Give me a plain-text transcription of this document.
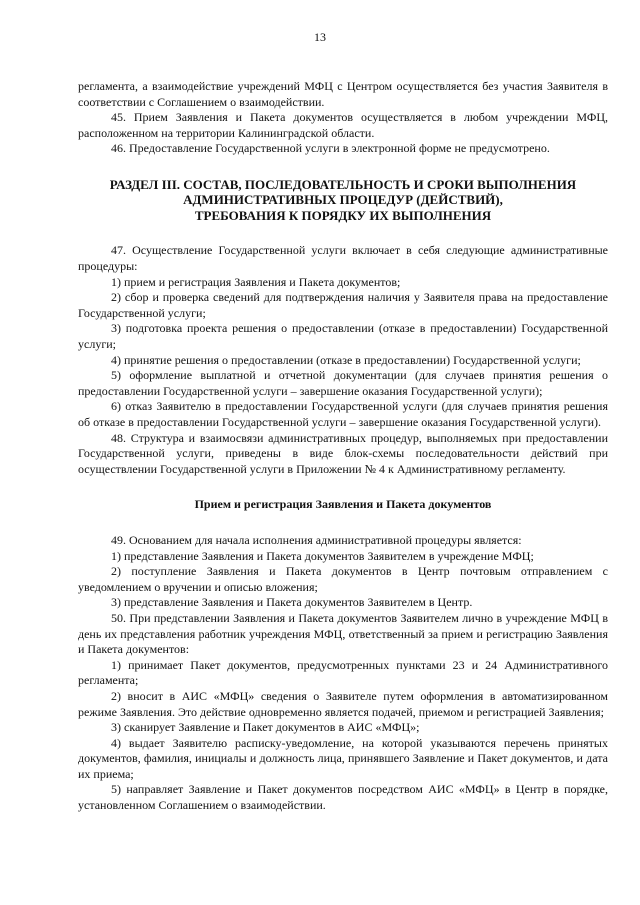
13

регламента, а взаимодействие учреждений МФЦ с Центром осуществляется без участия Заявителя в соответствии с Соглашением о взаимодействии.

45. Прием Заявления и Пакета документов осуществляется в любом учреждении МФЦ, расположенном на территории Калининградской области.

46. Предоставление Государственной услуги в электронной форме не предусмотрено.

РАЗДЕЛ III. СОСТАВ, ПОСЛЕДОВАТЕЛЬНОСТЬ И СРОКИ ВЫПОЛНЕНИЯ
АДМИНИСТРАТИВНЫХ ПРОЦЕДУР (ДЕЙСТВИЙ),
ТРЕБОВАНИЯ К ПОРЯДКУ ИХ ВЫПОЛНЕНИЯ

47. Осуществление Государственной услуги включает в себя следующие административные процедуры:

1) прием и регистрация Заявления и Пакета документов;

2) сбор и проверка сведений для подтверждения наличия у Заявителя права на предоставление Государственной услуги;

3) подготовка проекта решения о предоставлении (отказе в предоставлении) Государственной услуги;

4) принятие решения о предоставлении (отказе в предоставлении) Государственной услуги;

5) оформление выплатной и отчетной документации (для случаев принятия решения о предоставлении Государственной услуги – завершение оказания Государственной услуги);

6) отказ Заявителю в предоставлении Государственной услуги (для случаев принятия решения об отказе в предоставлении Государственной услуги – завершение оказания Государственной услуги).

48. Структура и взаимосвязи административных процедур, выполняемых при предоставлении Государственной услуги, приведены в виде блок-схемы последовательности действий при осуществлении Государственной услуги в Приложении № 4 к Административному регламенту.

Прием и регистрация Заявления и Пакета документов

49. Основанием для начала исполнения административной процедуры является:

1) представление Заявления и Пакета документов Заявителем в учреждение МФЦ;

2) поступление Заявления и Пакета документов в Центр почтовым отправлением с уведомлением о вручении и описью вложения;

3) представление Заявления и Пакета документов Заявителем в Центр.

50. При представлении Заявления и Пакета документов Заявителем лично в учреждение МФЦ в день их представления работник учреждения МФЦ, ответственный за прием и регистрацию Заявления и Пакета документов:

1) принимает Пакет документов, предусмотренных пунктами 23 и 24 Административного регламента;

2) вносит в АИС «МФЦ» сведения о Заявителе путем оформления в автоматизированном режиме Заявления. Это действие одновременно является подачей, приемом и регистрацией Заявления;

3) сканирует Заявление и Пакет документов в АИС «МФЦ»;

4) выдает Заявителю расписку-уведомление, на которой указываются перечень принятых документов, фамилия, инициалы и должность лица, принявшего Заявление и Пакет документов, и дата их приема;

5) направляет Заявление и Пакет документов посредством АИС «МФЦ» в Центр в порядке, установленном Соглашением о взаимодействии.
